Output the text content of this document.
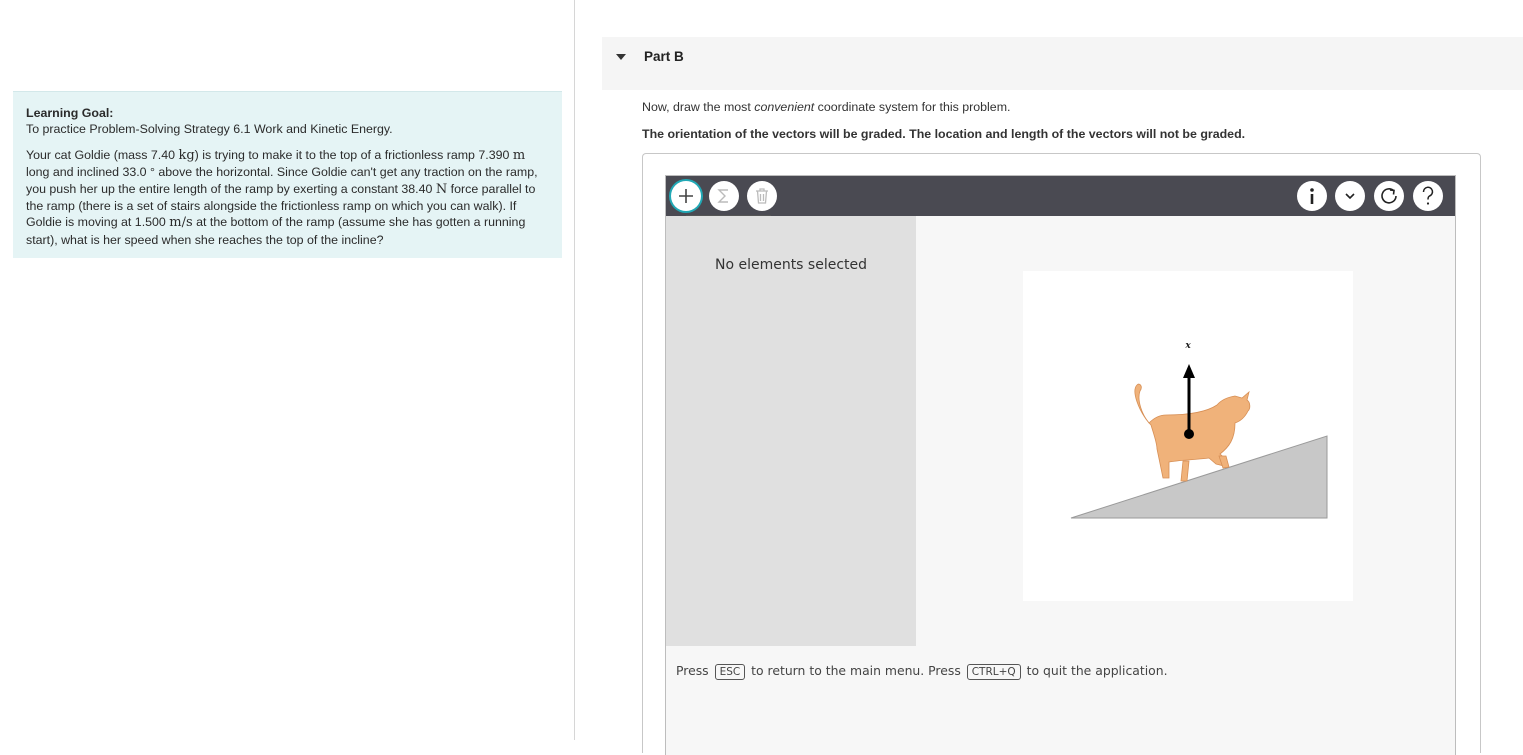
Learning Goal:
To practice Problem-Solving Strategy 6.1 Work and Kinetic Energy.
Your cat Goldie (mass 7.40 kg) is trying to make it to the top of a frictionless ramp 7.390 m long and inclined 33.0 ° above the horizontal. Since Goldie can't get any traction on the ramp, you push her up the entire length of the ramp by exerting a constant 38.40 N force parallel to the ramp (there is a set of stairs alongside the frictionless ramp on which you can walk). If Goldie is moving at 1.500 m/s at the bottom of the ramp (assume she has gotten a running start), what is her speed when she reaches the top of the incline?
Part B
Now, draw the most convenient coordinate system for this problem.
The orientation of the vectors will be graded. The location and length of the vectors will not be graded.
No elements selected
x
Press ESC to return to the main menu. Press CTRL+Q to quit the application.
